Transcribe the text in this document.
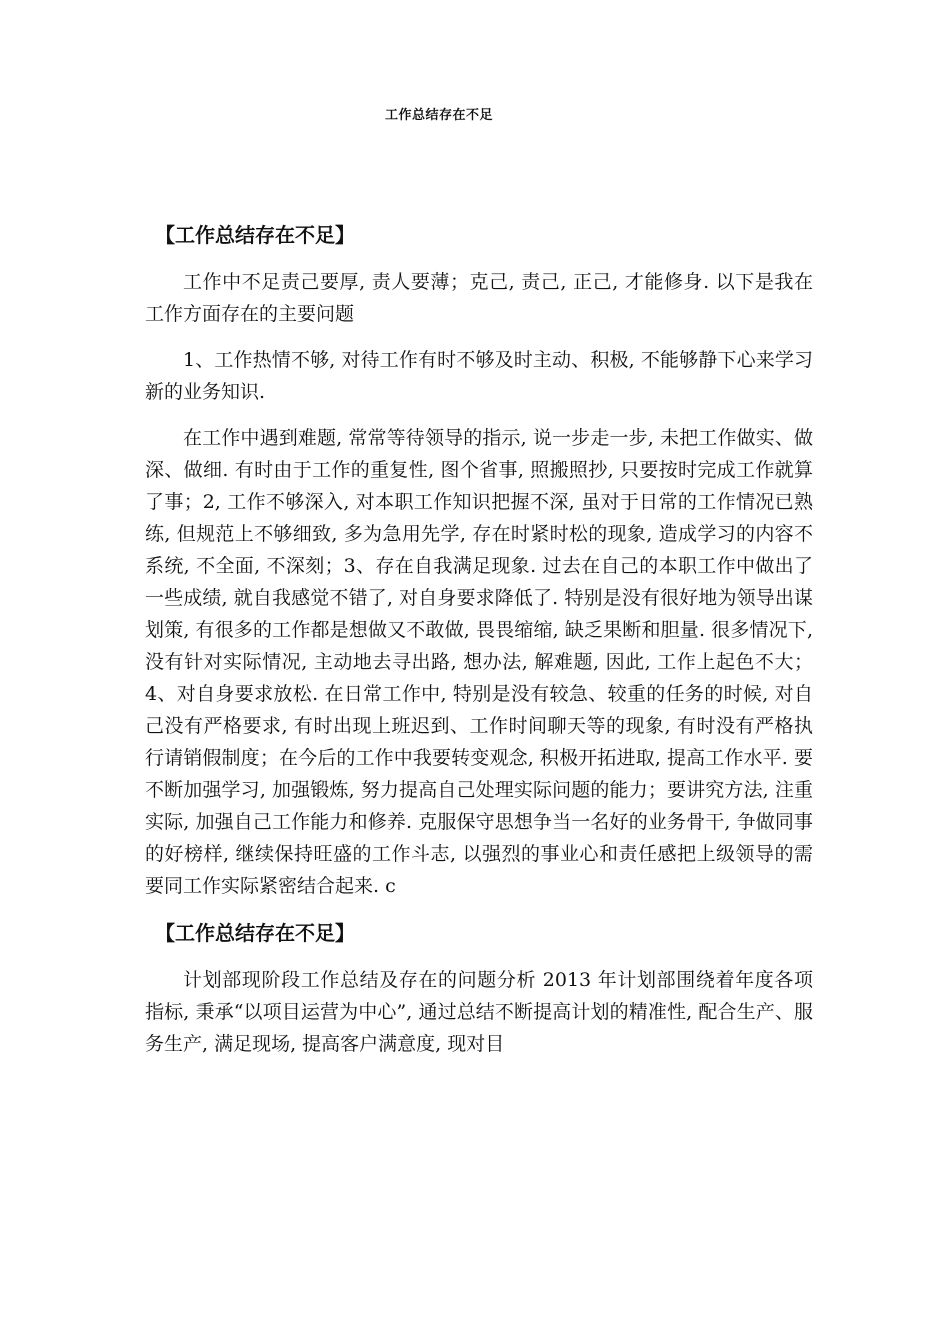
工作总结存在不足
【工作总结存在不足】

工作中不足责己要厚, 责人要薄；克己, 责己, 正己, 才能修身. 以下是我在工作方面存在的主要问题

1、工作热情不够, 对待工作有时不够及时主动、积极, 不能够静下心来学习新的业务知识.

在工作中遇到难题, 常常等待领导的指示, 说一步走一步, 未把工作做实、做深、做细. 有时由于工作的重复性, 图个省事, 照搬照抄, 只要按时完成工作就算了事；2, 工作不够深入, 对本职工作知识把握不深, 虽对于日常的工作情况已熟练, 但规范上不够细致, 多为急用先学, 存在时紧时松的现象, 造成学习的内容不系统, 不全面, 不深刻；3、存在自我满足现象. 过去在自己的本职工作中做出了一些成绩, 就自我感觉不错了, 对自身要求降低了. 特别是没有很好地为领导出谋划策, 有很多的工作都是想做又不敢做, 畏畏缩缩, 缺乏果断和胆量. 很多情况下, 没有针对实际情况, 主动地去寻出路, 想办法, 解难题, 因此, 工作上起色不大；4、对自身要求放松. 在日常工作中, 特别是没有较急、较重的任务的时候, 对自己没有严格要求, 有时出现上班迟到、工作时间聊天等的现象, 有时没有严格执行请销假制度；在今后的工作中我要转变观念, 积极开拓进取, 提高工作水平. 要不断加强学习, 加强锻炼, 努力提高自己处理实际问题的能力；要讲究方法, 注重实际, 加强自己工作能力和修养. 克服保守思想争当一名好的业务骨干, 争做同事的好榜样, 继续保持旺盛的工作斗志, 以强烈的事业心和责任感把上级领导的需要同工作实际紧密结合起来. c

【工作总结存在不足】

计划部现阶段工作总结及存在的问题分析 2013 年计划部围绕着年度各项指标, 秉承“以项目运营为中心”, 通过总结不断提高计划的精准性, 配合生产、服务生产, 满足现场, 提高客户满意度, 现对目
